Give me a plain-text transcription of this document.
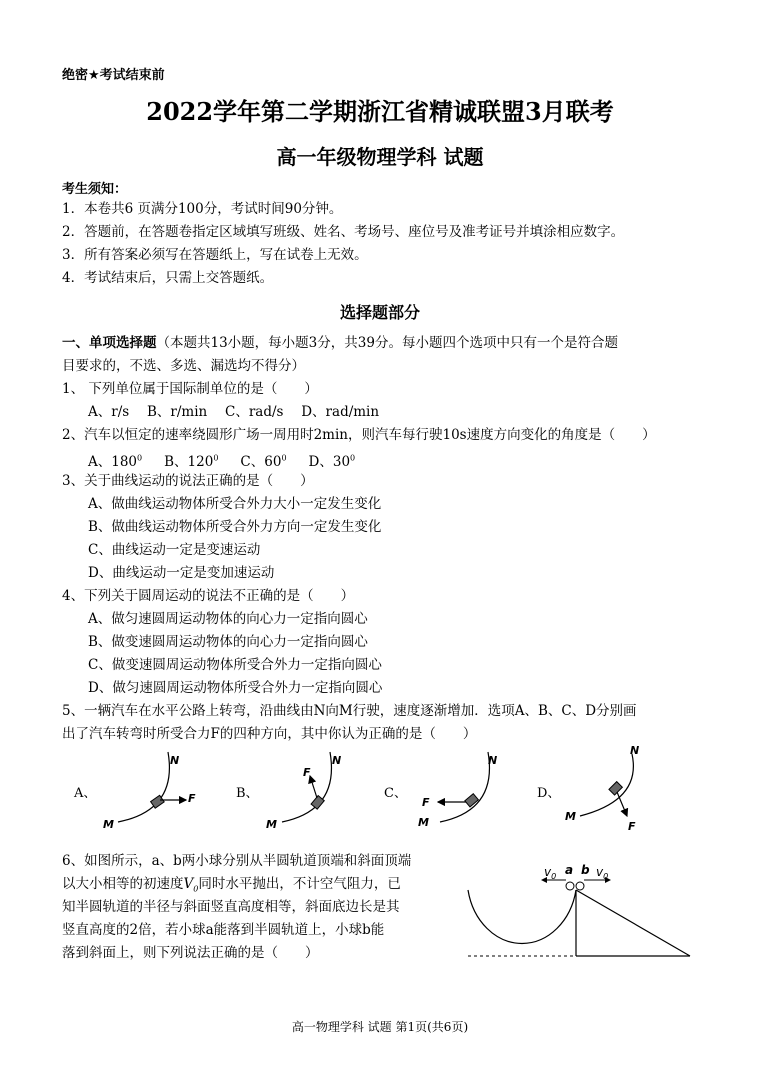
绝密★考试结束前
2022学年第二学期浙江省精诚联盟3月联考
高一年级物理学科 试题
考生须知：
1．本卷共6 页满分100分，考试时间90分钟。
2．答题前，在答题卷指定区域填写班级、姓名、考场号、座位号及准考证号并填涂相应数字。
3．所有答案必须写在答题纸上，写在试卷上无效。
4．考试结束后，只需上交答题纸。
选择题部分
一、单项选择题（本题共13小题，每小题3分，共39分。每小题四个选项中只有一个是符合题
目要求的，不选、多选、漏选均不得分）
1、 下列单位属于国际制单位的是（　　）
A、r/s　 B、r/min　 C、rad/s　 D、rad/min
2、汽车以恒定的速率绕圆形广场一周用时2min，则汽车每行驶10s速度方向变化的角度是（　　）
A、$180^0$ B、$120^0$ C、$60^0$ D、$30^0$
3、关于曲线运动的说法正确的是（　　）
A、做曲线运动物体所受合外力大小一定发生变化
B、做曲线运动物体所受合外力方向一定发生变化
C、曲线运动一定是变速运动
D、曲线运动一定是变加速运动
4、下列关于圆周运动的说法不正确的是（　　）
A、做匀速圆周运动物体的向心力一定指向圆心
B、做变速圆周运动物体的向心力一定指向圆心
C、做变速圆周运动物体所受合外力一定指向圆心
D、做匀速圆周运动物体所受合外力一定指向圆心
5、一辆汽车在水平公路上转弯，沿曲线由N向M行驶，速度逐渐增加．选项A、B、C、D分别画
出了汽车转弯时所受合力F的四种方向，其中你认为正确的是（　　）
A、	B、	C、	D、
N
M
F
N
F
M
N
F
M
N
M
F
6、如图所示，a、b两小球分别从半圆轨道顶端和斜面顶端
以大小相等的初速度$V_0$同时水平抛出，不计空气阻力，已
知半圆轨道的半径与斜面竖直高度相等，斜面底边长是其
竖直高度的2倍，若小球a能落到半圆轨道上，小球b能
落到斜面上，则下列说法正确的是（　　）
$v_0$ a b $v_0$
高一物理学科 试题 第1页(共6页)
